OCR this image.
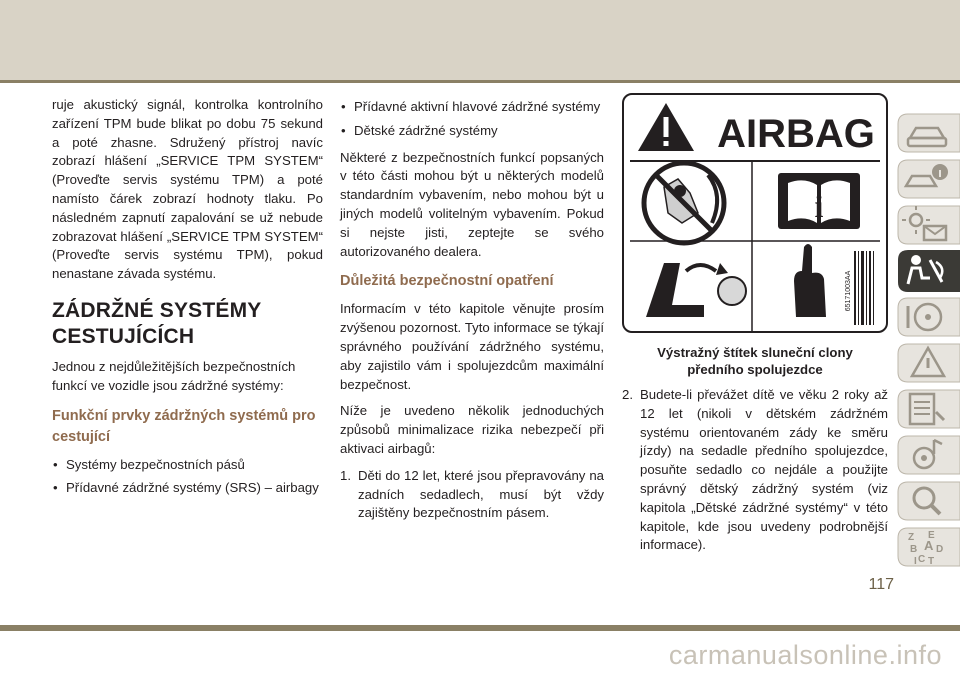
ruje akustický signál, kontrolka kontrolního zařízení TPM bude blikat po dobu 75 sekund a poté zhasne. Sdružený přístroj navíc zobrazí hlášení „SERVICE TPM SYSTEM“ (Proveďte servis systému TPM) a poté namísto čárek zobrazí hodnoty tlaku. Po následném zapnutí zapalování se už nebude zobrazovat hlášení „SERVICE TPM SYSTEM“ (Proveďte servis systému TPM), pokud nenastane závada systému.

ZÁDRŽNÉ SYSTÉMY
CESTUJÍCÍCH

Jednou z nejdůležitějších bezpečnostních funkcí ve vozidle jsou zádržné systémy:

Funkční prvky zádržných systémů pro cestující
• Systémy bezpečnostních pásů
• Přídavné zádržné systémy (SRS) – airbagy
• Přídavné aktivní hlavové zádržné systémy
• Dětské zádržné systémy

Některé z bezpečnostních funkcí popsaných v této části mohou být u některých modelů standardním vybavením, nebo mohou být u jiných modelů volitelným vybavením. Pokud si nejste jisti, zeptejte se svého autorizovaného dealera.

Důležitá bezpečnostní opatření

Informacím v této kapitole věnujte prosím zvýšenou pozornost. Tyto informace se týkají správného používání zádržného systému, aby zajistilo vám i spolujezdcům maximální bezpečnost.

Níže je uvedeno několik jednoduchých způsobů minimalizace rizika nebezpečí při aktivaci airbagů:

1. Děti do 12 let, které jsou přepravovány na zadních sedadlech, musí být vždy zajištěny bezpečnostním pásem.
AIRBAG
i
65171003AA
Výstražný štítek sluneční clony
předního spolujezdce
2. Budete-li převážet dítě ve věku 2 roky až 12 let (nikoli v dětském zádržném systému orientovaném zády ke směru jízdy) na sedadle předního spolujezdce, posuňte sedadlo co nejdále a použijte správný dětský zádržný systém (viz kapitola „Dětské zádržné systémy“ v této kapitole, kde jsou uvedeny podrobnější informace).	Z E
B A
C
D
I T
117
carmanualsonline.info
